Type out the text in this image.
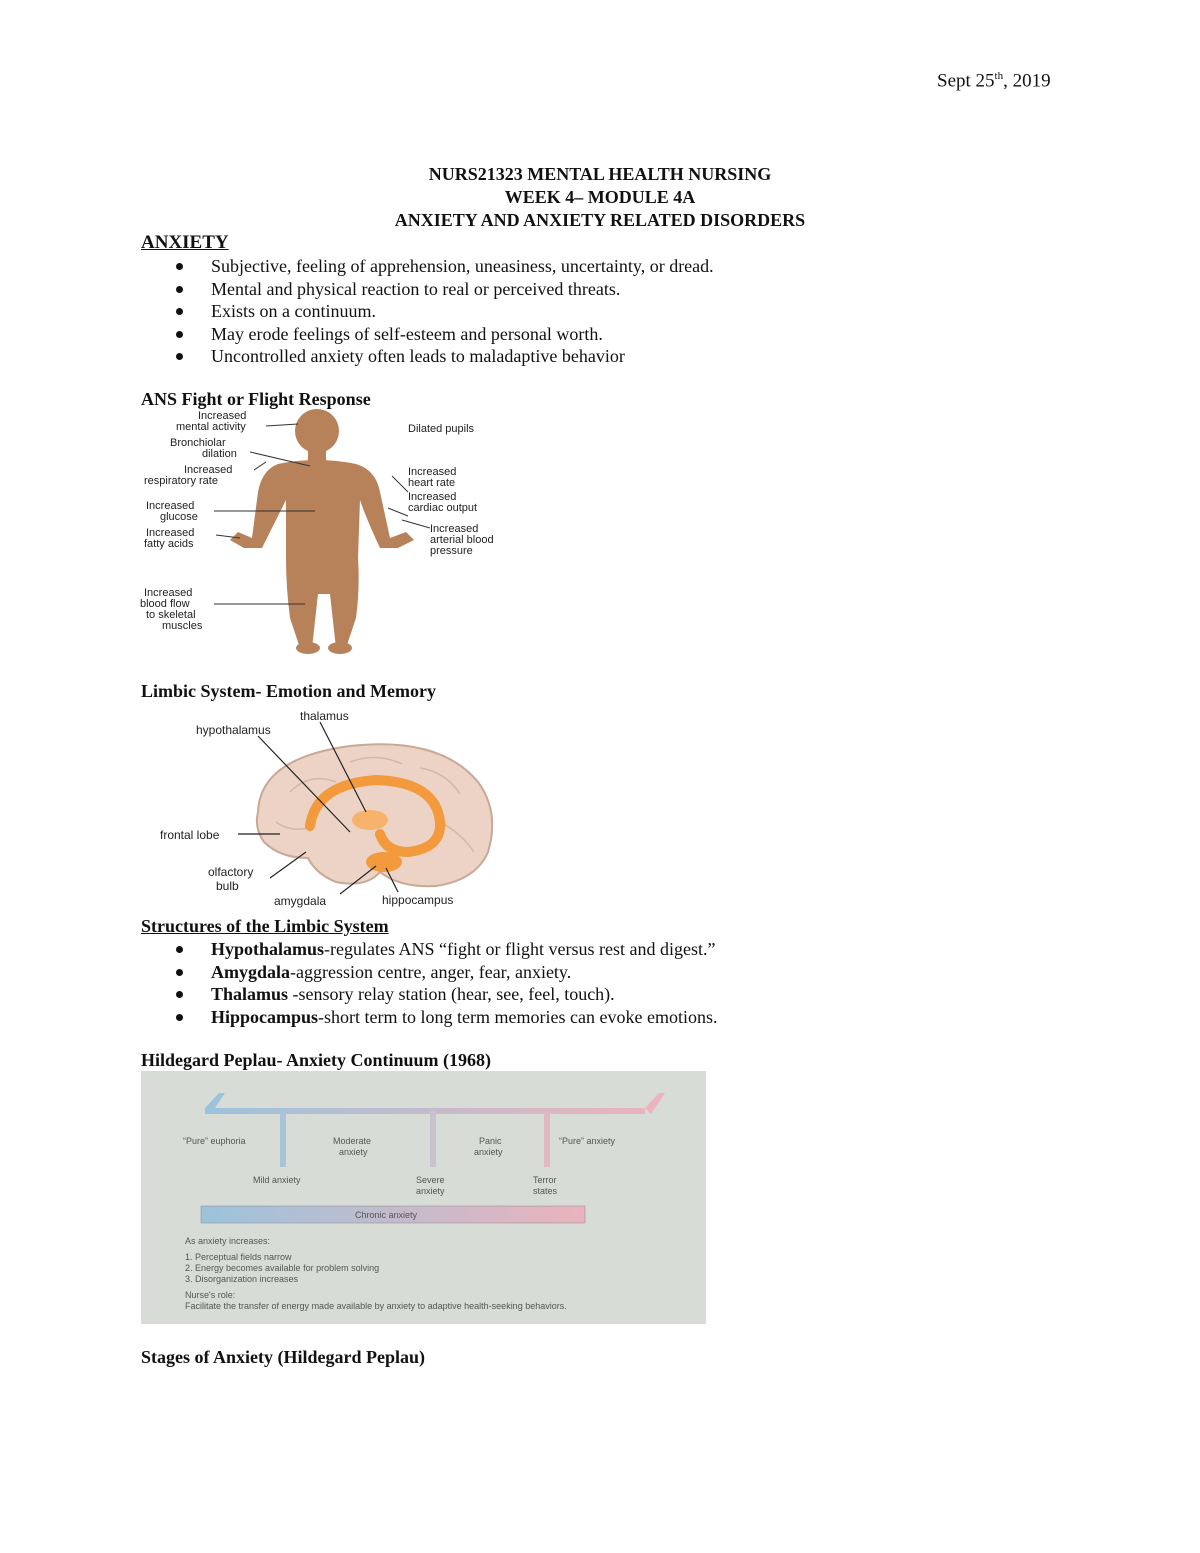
Sept 25th, 2019
NURS21323 MENTAL HEALTH NURSING
WEEK 4– MODULE 4A
ANXIETY AND ANXIETY RELATED DISORDERS
ANXIETY
Subjective, feeling of apprehension, uneasiness, uncertainty, or dread.
Mental and physical reaction to real or perceived threats.
Exists on a continuum.
May erode feelings of self-esteem and personal worth.
Uncontrolled anxiety often leads to maladaptive behavior
ANS Fight or Flight Response
Increased
mental activity
Bronchiolar
dilation
Increased
respiratory rate
Increased
glucose
Increased
fatty acids
Increased
blood flow
to skeletal
muscles
Dilated pupils
Increased
heart rate
Increased
cardiac output
Increased
arterial blood
pressure
Limbic System- Emotion and Memory
thalamus
hypothalamus
frontal lobe
olfactory
bulb
amygdala	hippocampus
Structures of the Limbic System
Hypothalamus-regulates ANS “fight or flight versus rest and digest.”
Amygdala-aggression centre, anger, fear, anxiety.
Thalamus -sensory relay station (hear, see, feel, touch).
Hippocampus-short term to long term memories can evoke emotions.
Hildegard Peplau- Anxiety Continuum (1968)
“Pure” euphoria
Mild anxiety
Moderate
anxiety
Severe
anxiety
Panic
anxiety
Terror
states
“Pure” anxiety
Chronic anxiety
As anxiety increases:
1. Perceptual fields narrow
2. Energy becomes available for problem solving
3. Disorganization increases
Nurse's role:
Facilitate the transfer of energy made available by anxiety to adaptive health-seeking behaviors.
Stages of Anxiety (Hildegard Peplau)
